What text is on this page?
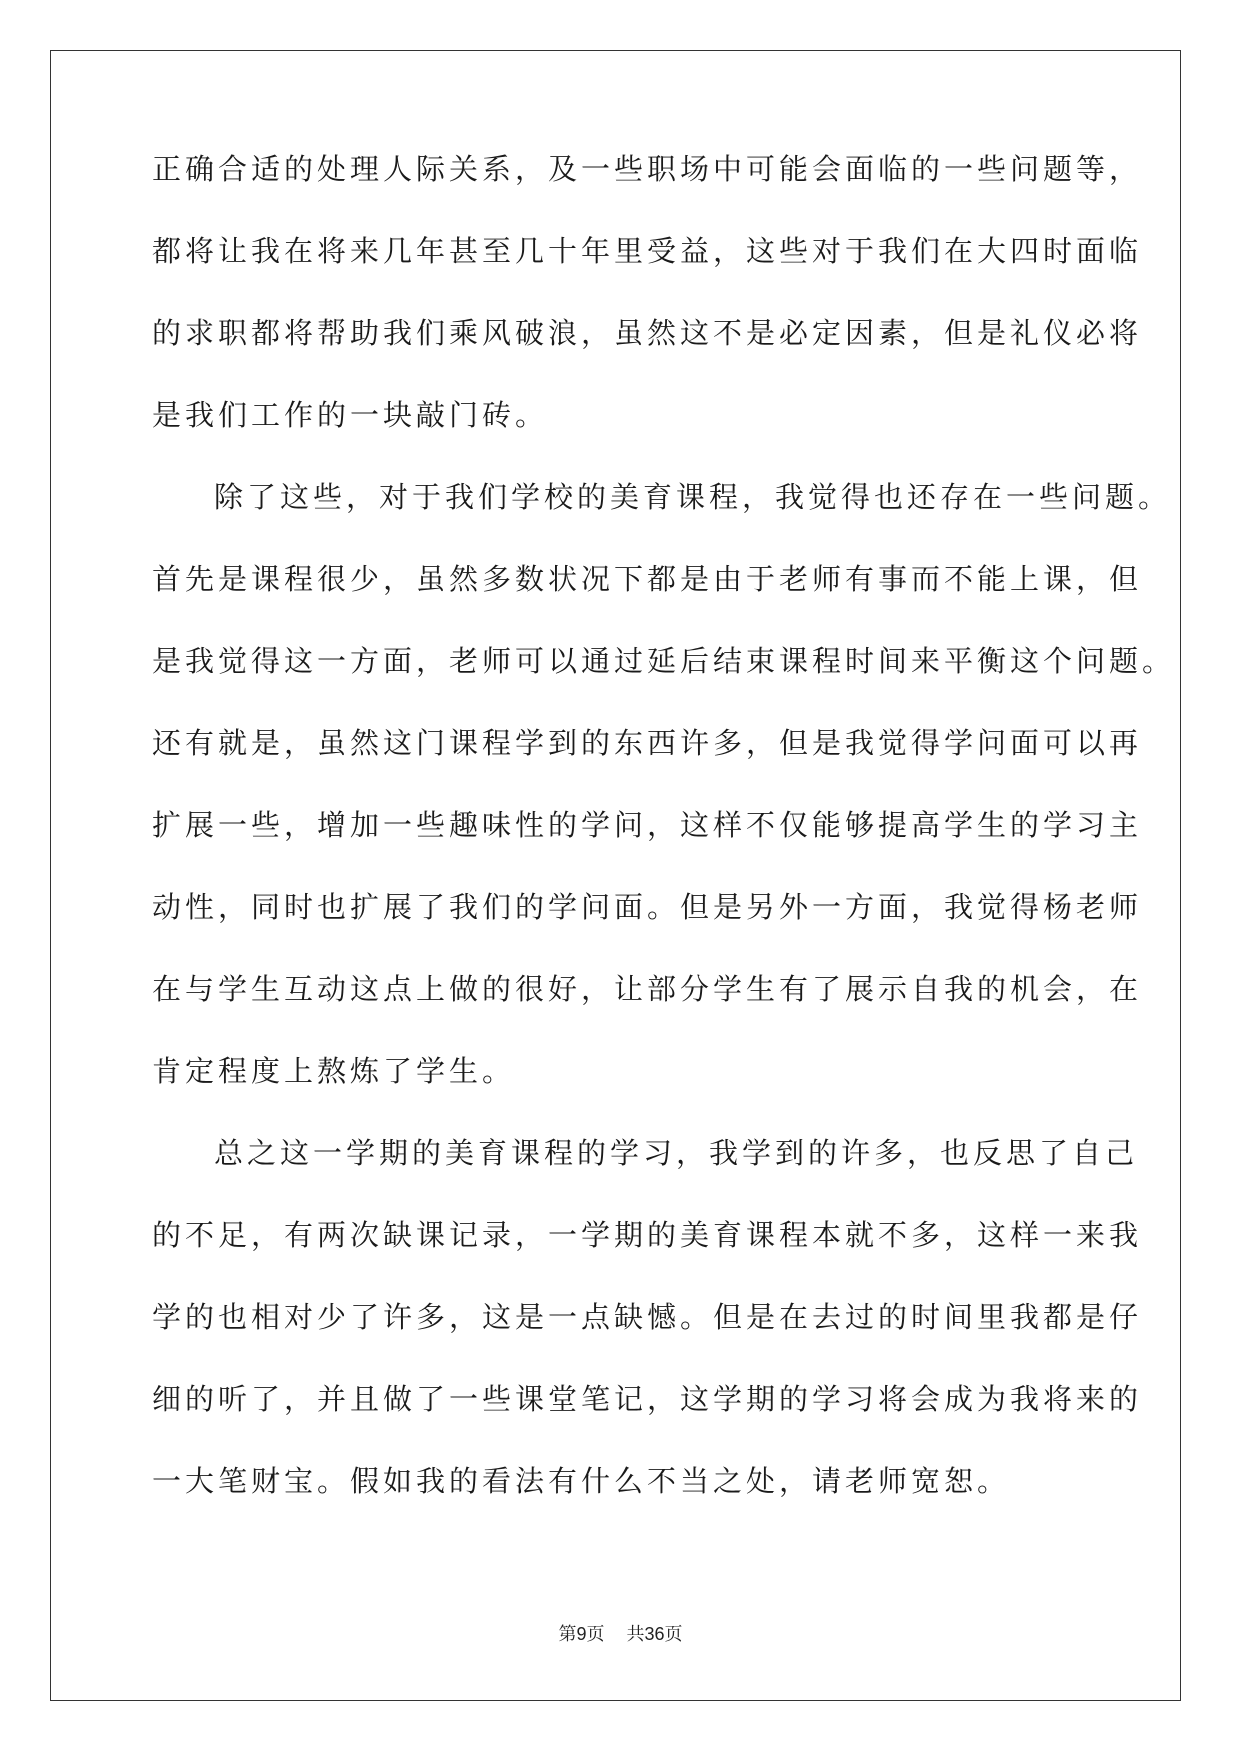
正确合适的处理人际关系，及一些职场中可能会面临的一些问题等，
都将让我在将来几年甚至几十年里受益，这些对于我们在大四时面临
的求职都将帮助我们乘风破浪，虽然这不是必定因素，但是礼仪必将
是我们工作的一块敲门砖。
除了这些，对于我们学校的美育课程，我觉得也还存在一些问题。
首先是课程很少，虽然多数状况下都是由于老师有事而不能上课，但
是我觉得这一方面，老师可以通过延后结束课程时间来平衡这个问题。
还有就是，虽然这门课程学到的东西许多，但是我觉得学问面可以再
扩展一些，增加一些趣味性的学问，这样不仅能够提高学生的学习主
动性，同时也扩展了我们的学问面。但是另外一方面，我觉得杨老师
在与学生互动这点上做的很好，让部分学生有了展示自我的机会，在
肯定程度上熬炼了学生。
总之这一学期的美育课程的学习，我学到的许多，也反思了自己
的不足，有两次缺课记录，一学期的美育课程本就不多，这样一来我
学的也相对少了许多，这是一点缺憾。但是在去过的时间里我都是仔
细的听了，并且做了一些课堂笔记，这学期的学习将会成为我将来的
一大笔财宝。假如我的看法有什么不当之处，请老师宽恕。
第9页 共36页
